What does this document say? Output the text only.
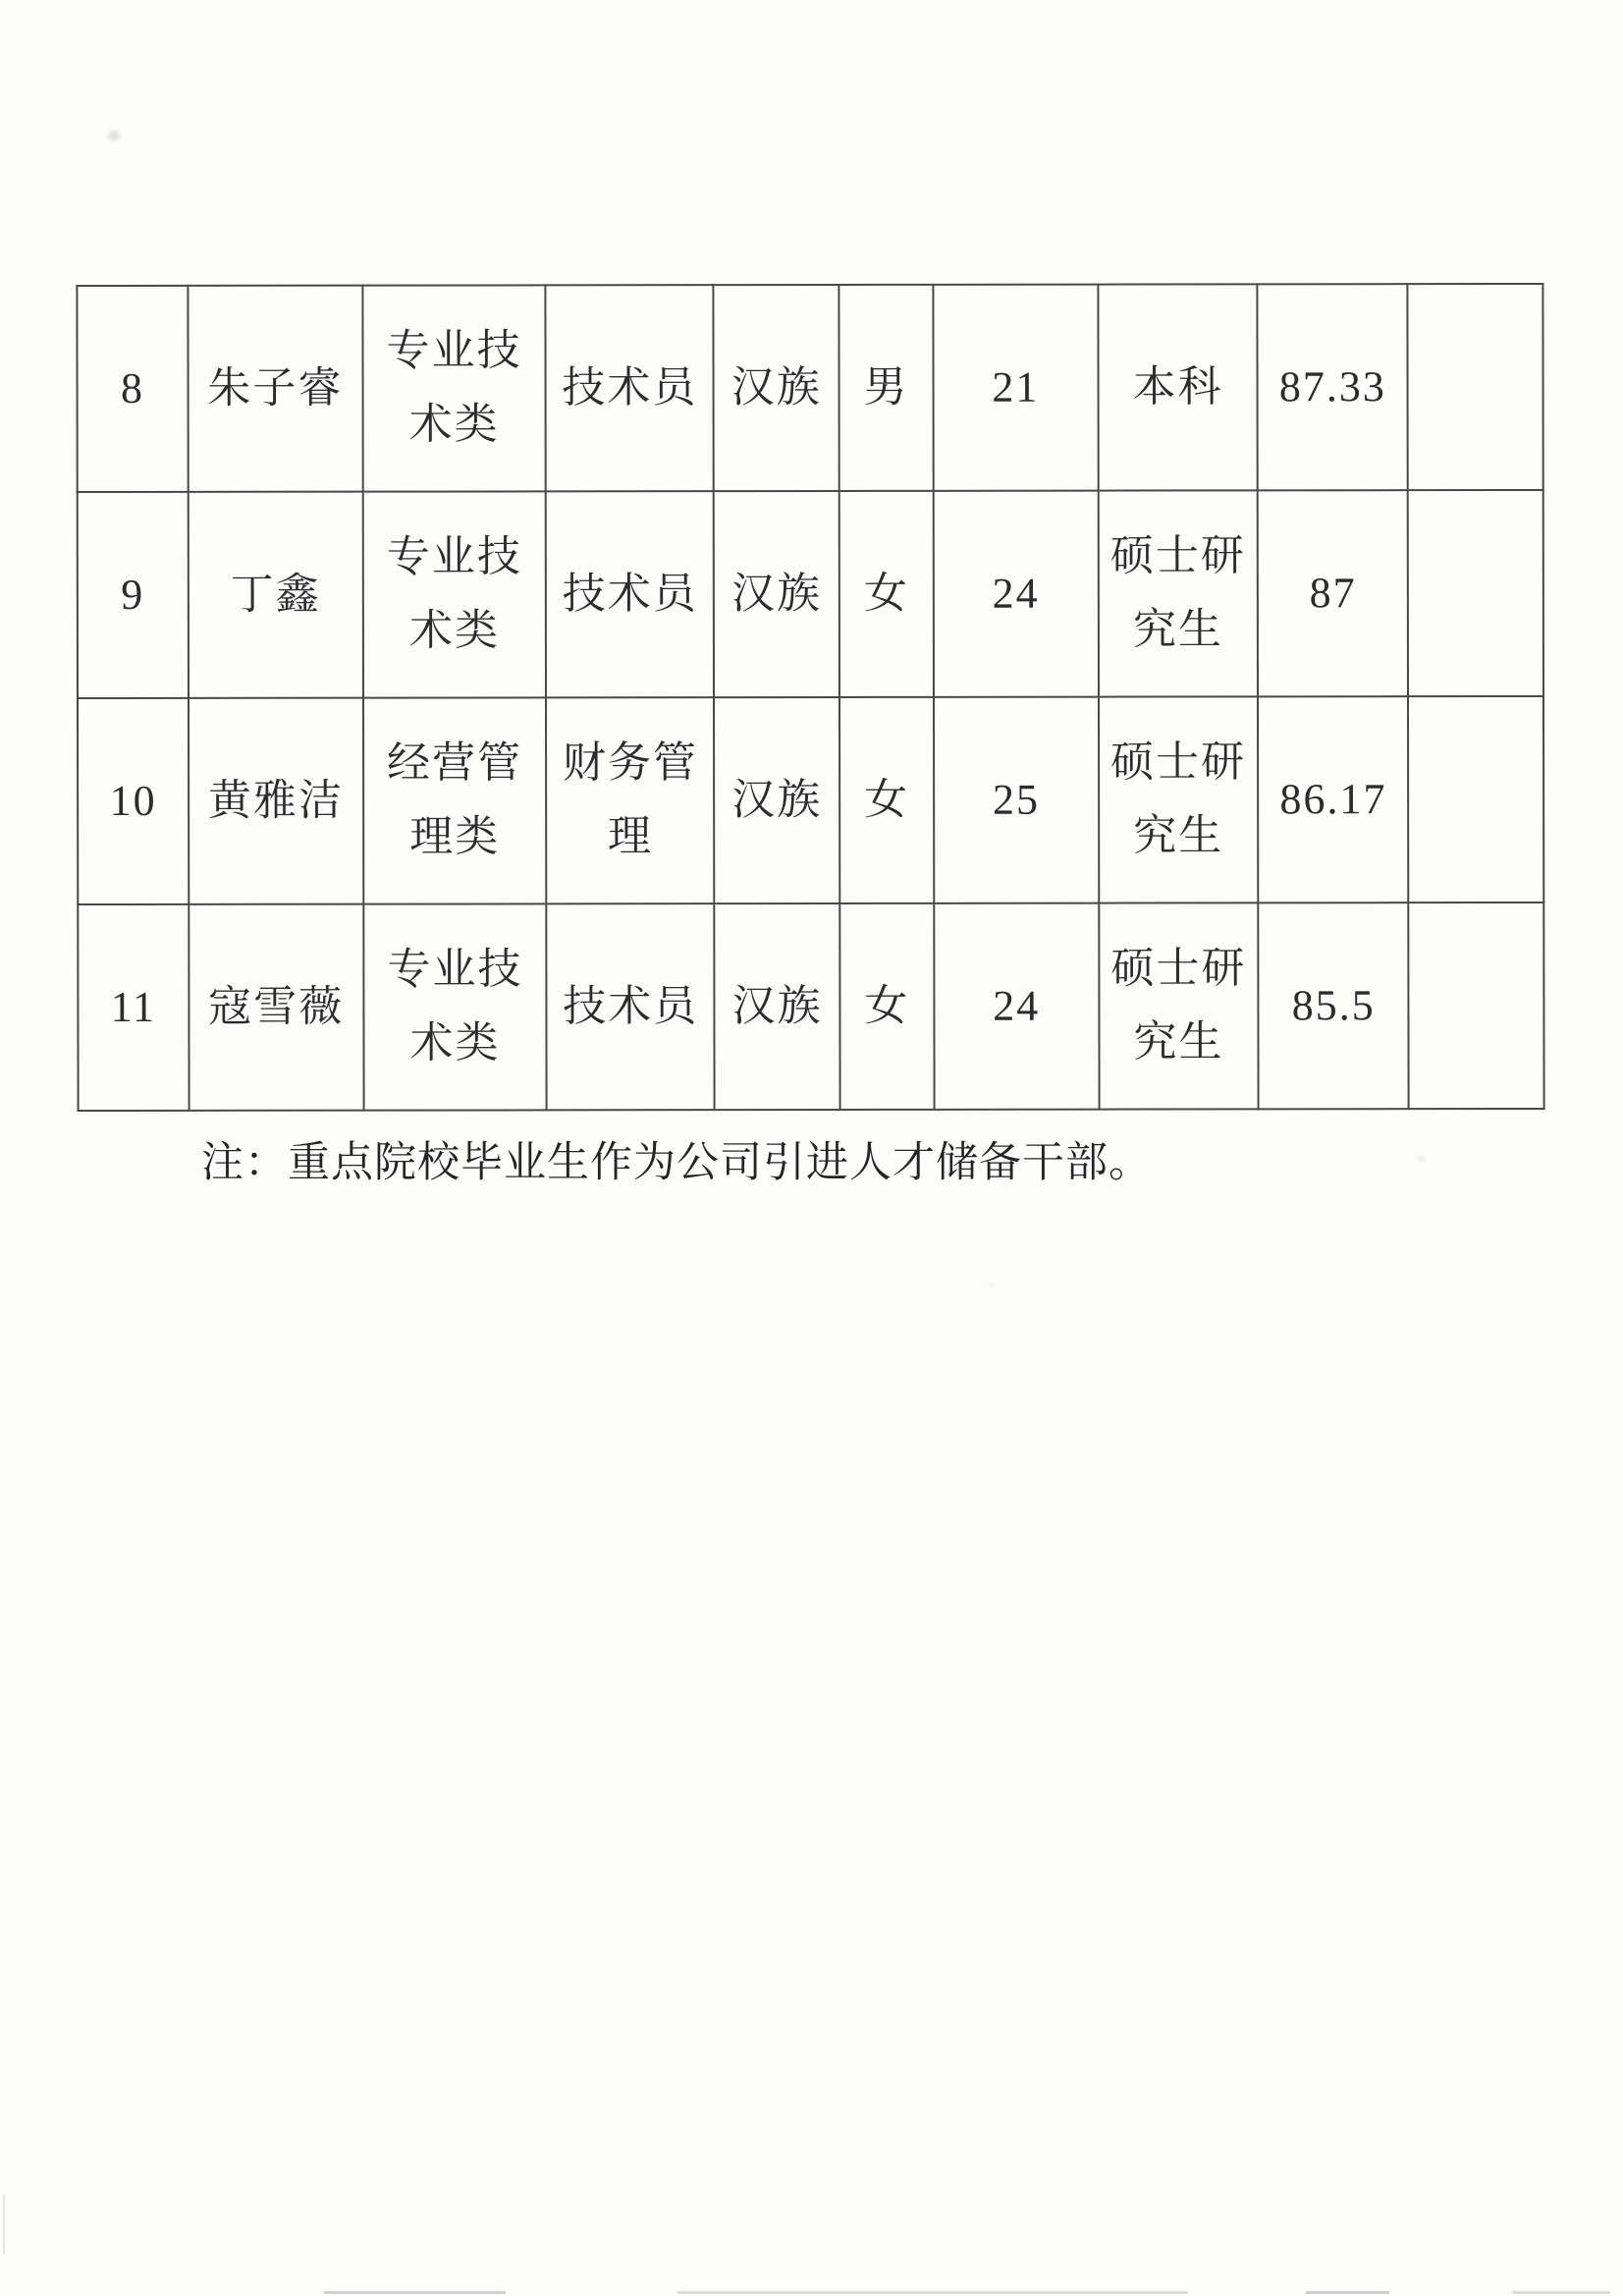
8	朱子睿	专业技术类	技术员	汉族	男	21	本科	87.33	
9	丁鑫	专业技术类	技术员	汉族	女	24	硕士研究生	87	
10	黄雅洁	经营管理类	财务管理	汉族	女	25	硕士研究生	86.17	
11	寇雪薇	专业技术类	技术员	汉族	女	24	硕士研究生	85.5	
注：重点院校毕业生作为公司引进人才储备干部。
